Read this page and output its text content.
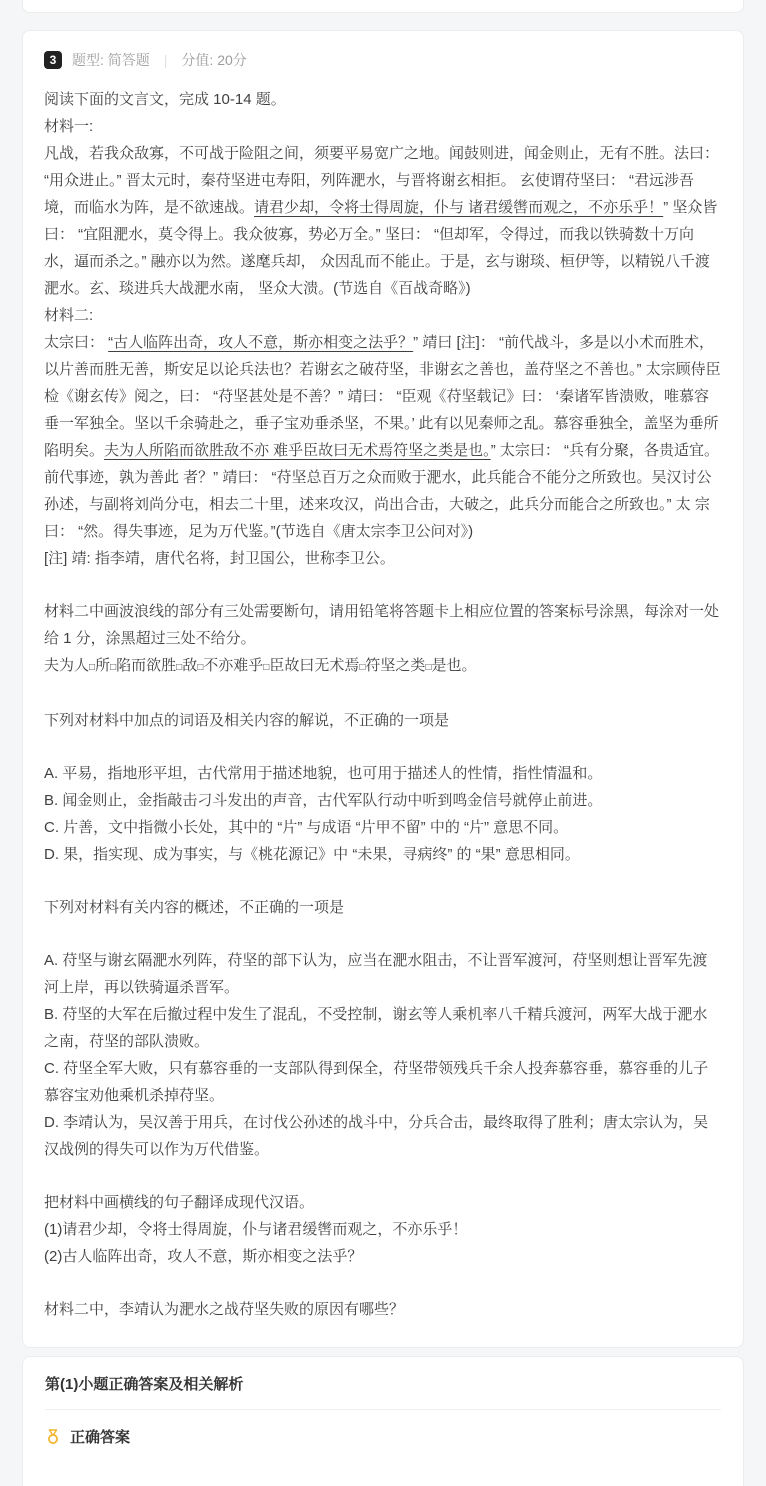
3	题型: 简答题 | 分值: 20分

阅读下面的文言文，完成 10-14 题。

材料一:

凡战，若我众敌寡，不可战于险阻之间，须要平易宽广之地。闻鼓则进，闻金则止，无有不胜。法曰： “用众进止。” 晋太元时，秦苻坚进屯寿阳，列阵淝水，与晋将谢玄相拒。 玄使谓苻坚曰： “君远涉吾境，而临水为阵，是不欲速战。请君少却，令将士得周旋，仆与 诸君缓辔而观之，不亦乐乎！” 坚众皆曰： “宜阻淝水，莫令得上。我众彼寡，势必万全。” 坚曰： “但却军，令得过，而我以铁骑数十万向水，逼而杀之。” 融亦以为然。遂麾兵却， 众因乱而不能止。于是，玄与谢琰、桓伊等，以精锐八千渡淝水。玄、琰进兵大战淝水南， 坚众大溃。(节选自《百战奇略》)

材料二:

太宗曰： “古人临阵出奇，攻人不意，斯亦相变之法乎？” 靖曰 [注]： “前代战斗，多是以小术而胜术，以片善而胜无善，斯安足以论兵法也？若谢玄之破苻坚，非谢玄之善也，盖苻坚之不善也。” 太宗顾侍臣检《谢玄传》阅之，曰： “苻坚甚处是不善？” 靖曰： “臣观《苻坚载记》曰： ‘秦诸军皆溃败，唯慕容垂一军独全。坚以千余骑赴之，垂子宝劝垂杀坚，不果。’ 此有以见秦师之乱。慕容垂独全，盖坚为垂所陷明矣。夫为人所陷而欲胜敌不亦 难乎臣故曰无术焉符坚之类是也。” 太宗曰： “兵有分聚，各贵适宜。前代事迹，孰为善此 者？” 靖曰： “苻坚总百万之众而败于淝水，此兵能合不能分之所致也。吴汉讨公孙述，与副将刘尚分屯，相去二十里，述来攻汉，尚出合击，大破之，此兵分而能合之所致也。” 太 宗曰： “然。得失事迹，足为万代鉴。”(节选自《唐太宗李卫公问对》)

[注] 靖: 指李靖，唐代名将，封卫国公，世称李卫公。

材料二中画波浪线的部分有三处需要断句，请用铅笔将答题卡上相应位置的答案标号涂黑，每涂对一处给 1 分，涂黑超过三处不给分。

夫为人□所□陷而欲胜□敌□不亦难乎□臣故曰无术焉□符坚之类□是也。

下列对材料中加点的词语及相关内容的解说，不正确的一项是

A. 平易，指地形平坦，古代常用于描述地貌，也可用于描述人的性情，指性情温和。

B. 闻金则止，金指敲击刁斗发出的声音，古代军队行动中听到鸣金信号就停止前进。

C. 片善，文中指微小长处，其中的 “片” 与成语 “片甲不留” 中的 “片” 意思不同。

D. 果，指实现、成为事实，与《桃花源记》中 “未果，寻病终” 的 “果” 意思相同。

下列对材料有关内容的概述，不正确的一项是

A. 苻坚与谢玄隔淝水列阵，苻坚的部下认为，应当在淝水阻击，不让晋军渡河，苻坚则想让晋军先渡河上岸，再以铁骑逼杀晋军。

B. 苻坚的大军在后撤过程中发生了混乱，不受控制，谢玄等人乘机率八千精兵渡河，两军大战于淝水之南，苻坚的部队溃败。

C. 苻坚全军大败，只有慕容垂的一支部队得到保全，苻坚带领残兵千余人投奔慕容垂，慕容垂的儿子慕容宝劝他乘机杀掉苻坚。

D. 李靖认为，吴汉善于用兵，在讨伐公孙述的战斗中，分兵合击，最终取得了胜利；唐太宗认为，吴汉战例的得失可以作为万代借鉴。

把材料中画横线的句子翻译成现代汉语。

(1)请君少却，令将士得周旋，仆与诸君缓辔而观之，不亦乐乎！

(2)古人临阵出奇，攻人不意，斯亦相变之法乎？

材料二中，李靖认为淝水之战苻坚失败的原因有哪些？

第(1)小题正确答案及相关解析
正确答案
